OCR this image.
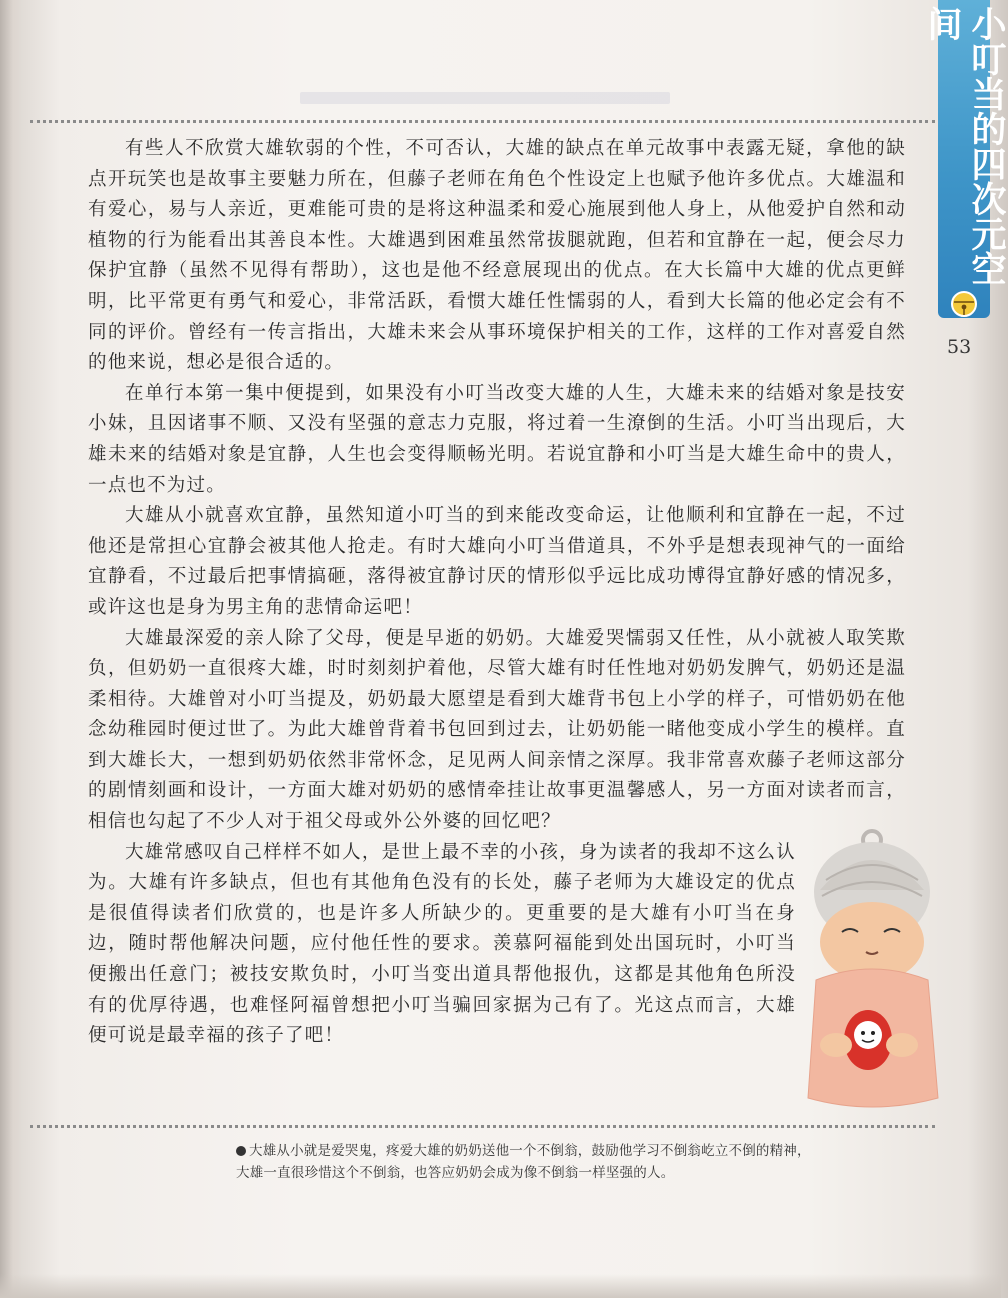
小叮当的四次元空间
53

有些人不欣赏大雄软弱的个性，不可否认，大雄的缺点在单元故事中表露无疑，拿他的缺点开玩笑也是故事主要魅力所在，但藤子老师在角色个性设定上也赋予他许多优点。大雄温和有爱心，易与人亲近，更难能可贵的是将这种温柔和爱心施展到他人身上，从他爱护自然和动植物的行为能看出其善良本性。大雄遇到困难虽然常拔腿就跑，但若和宜静在一起，便会尽力保护宜静（虽然不见得有帮助），这也是他不经意展现出的优点。在大长篇中大雄的优点更鲜明，比平常更有勇气和爱心，非常活跃，看惯大雄任性懦弱的人，看到大长篇的他必定会有不同的评价。曾经有一传言指出，大雄未来会从事环境保护相关的工作，这样的工作对喜爱自然的他来说，想必是很合适的。

在单行本第一集中便提到，如果没有小叮当改变大雄的人生，大雄未来的结婚对象是技安小妹，且因诸事不顺、又没有坚强的意志力克服，将过着一生潦倒的生活。小叮当出现后，大雄未来的结婚对象是宜静，人生也会变得顺畅光明。若说宜静和小叮当是大雄生命中的贵人，一点也不为过。

大雄从小就喜欢宜静，虽然知道小叮当的到来能改变命运，让他顺利和宜静在一起，不过他还是常担心宜静会被其他人抢走。有时大雄向小叮当借道具，不外乎是想表现神气的一面给宜静看，不过最后把事情搞砸，落得被宜静讨厌的情形似乎远比成功博得宜静好感的情况多，或许这也是身为男主角的悲情命运吧！

大雄最深爱的亲人除了父母，便是早逝的奶奶。大雄爱哭懦弱又任性，从小就被人取笑欺负，但奶奶一直很疼大雄，时时刻刻护着他，尽管大雄有时任性地对奶奶发脾气，奶奶还是温柔相待。大雄曾对小叮当提及，奶奶最大愿望是看到大雄背书包上小学的样子，可惜奶奶在他念幼稚园时便过世了。为此大雄曾背着书包回到过去，让奶奶能一睹他变成小学生的模样。直到大雄长大，一想到奶奶依然非常怀念，足见两人间亲情之深厚。我非常喜欢藤子老师这部分的剧情刻画和设计，一方面大雄对奶奶的感情牵挂让故事更温馨感人，另一方面对读者而言，相信也勾起了不少人对于祖父母或外公外婆的回忆吧？

大雄常感叹自己样样不如人，是世上最不幸的小孩，身为读者的我却不这么认为。大雄有许多缺点，但也有其他角色没有的长处，藤子老师为大雄设定的优点是很值得读者们欣赏的，也是许多人所缺少的。更重要的是大雄有小叮当在身边，随时帮他解决问题，应付他任性的要求。羡慕阿福能到处出国玩时，小叮当便搬出任意门；被技安欺负时，小叮当变出道具帮他报仇，这都是其他角色所没有的优厚待遇，也难怪阿福曾想把小叮当骗回家据为己有了。光这点而言，大雄便可说是最幸福的孩子了吧！

大雄从小就是爱哭鬼，疼爱大雄的奶奶送他一个不倒翁，鼓励他学习不倒翁屹立不倒的精神，
大雄一直很珍惜这个不倒翁，也答应奶奶会成为像不倒翁一样坚强的人。
